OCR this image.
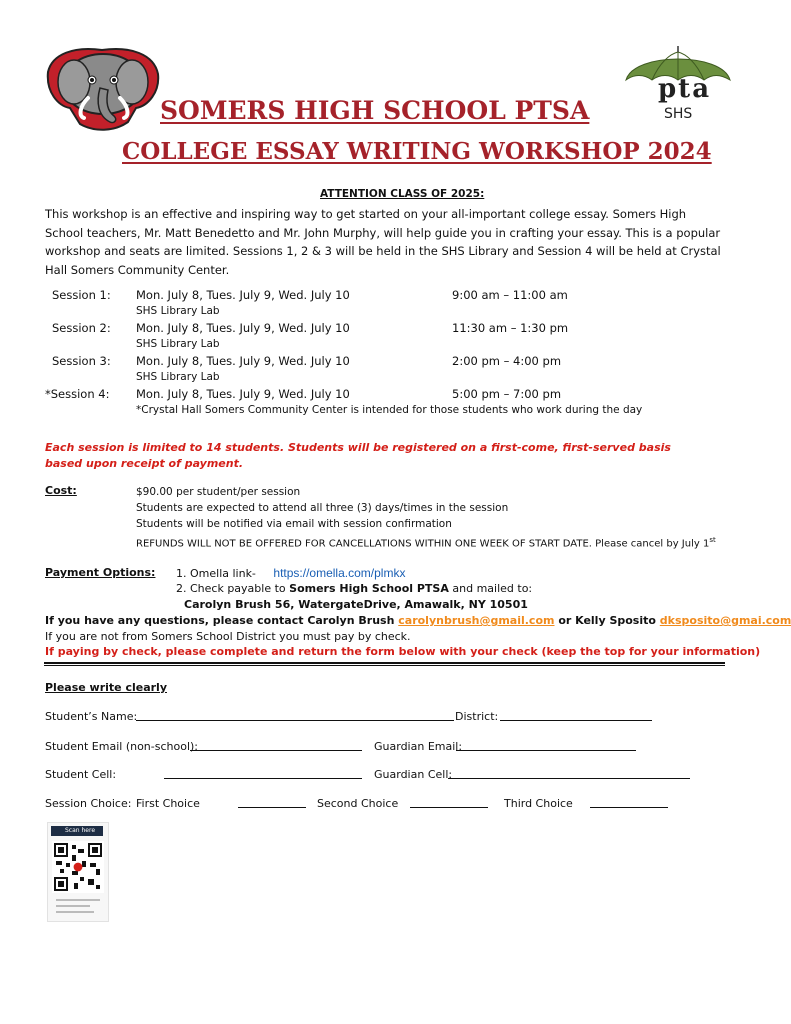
pta
SHS
SOMERS HIGH SCHOOL PTSA
COLLEGE ESSAY WRITING WORKSHOP 2024
ATTENTION CLASS OF 2025:
This workshop is an effective and inspiring way to get started on your all-important college essay. Somers High School teachers, Mr. Matt Benedetto and Mr. John Murphy, will help guide you in crafting your essay. This is a popular workshop and seats are limited. Sessions 1, 2 & 3 will be held in the SHS Library and Session 4 will be held at Crystal Hall Somers Community Center.
Session 1: Mon. July 8, Tues. July 9, Wed. July 10	9:00 am – 11:00 am
SHS Library Lab
Session 2: Mon. July 8, Tues. July 9, Wed. July 10	11:30 am – 1:30 pm
SHS Library Lab
Session 3: Mon. July 8, Tues. July 9, Wed. July 10	2:00 pm – 4:00 pm
SHS Library Lab
*Session 4: Mon. July 8, Tues. July 9, Wed. July 10	5:00 pm – 7:00 pm
*Crystal Hall Somers Community Center is intended for those students who work during the day
Each session is limited to 14 students. Students will be registered on a first-come, first-served basis based upon receipt of payment.
Cost:	$90.00 per student/per session
Students are expected to attend all three (3) days/times in the session
Students will be notified via email with session confirmation
REFUNDS WILL NOT BE OFFERED FOR CANCELLATIONS WITHIN ONE WEEK OF START DATE. Please cancel by July 1st
Payment Options: 1. Omella link- https://omella.com/plmkx
2. Check payable to Somers High School PTSA and mailed to:
Carolyn Brush 56, WatergateDrive, Amawalk, NY 10501
If you have any questions, please contact Carolyn Brush carolynbrush@gmail.com or Kelly Sposito dksposito@gmai.com
If you are not from Somers School District you must pay by check.
If paying by check, please complete and return the form below with your check (keep the top for your information)
Please write clearly
Student’s Name:	District:
Student Email (non-school):	Guardian Email:
Student Cell:	Guardian Cell:
Session Choice: First Choice	Second Choice	Third Choice
Scan here
